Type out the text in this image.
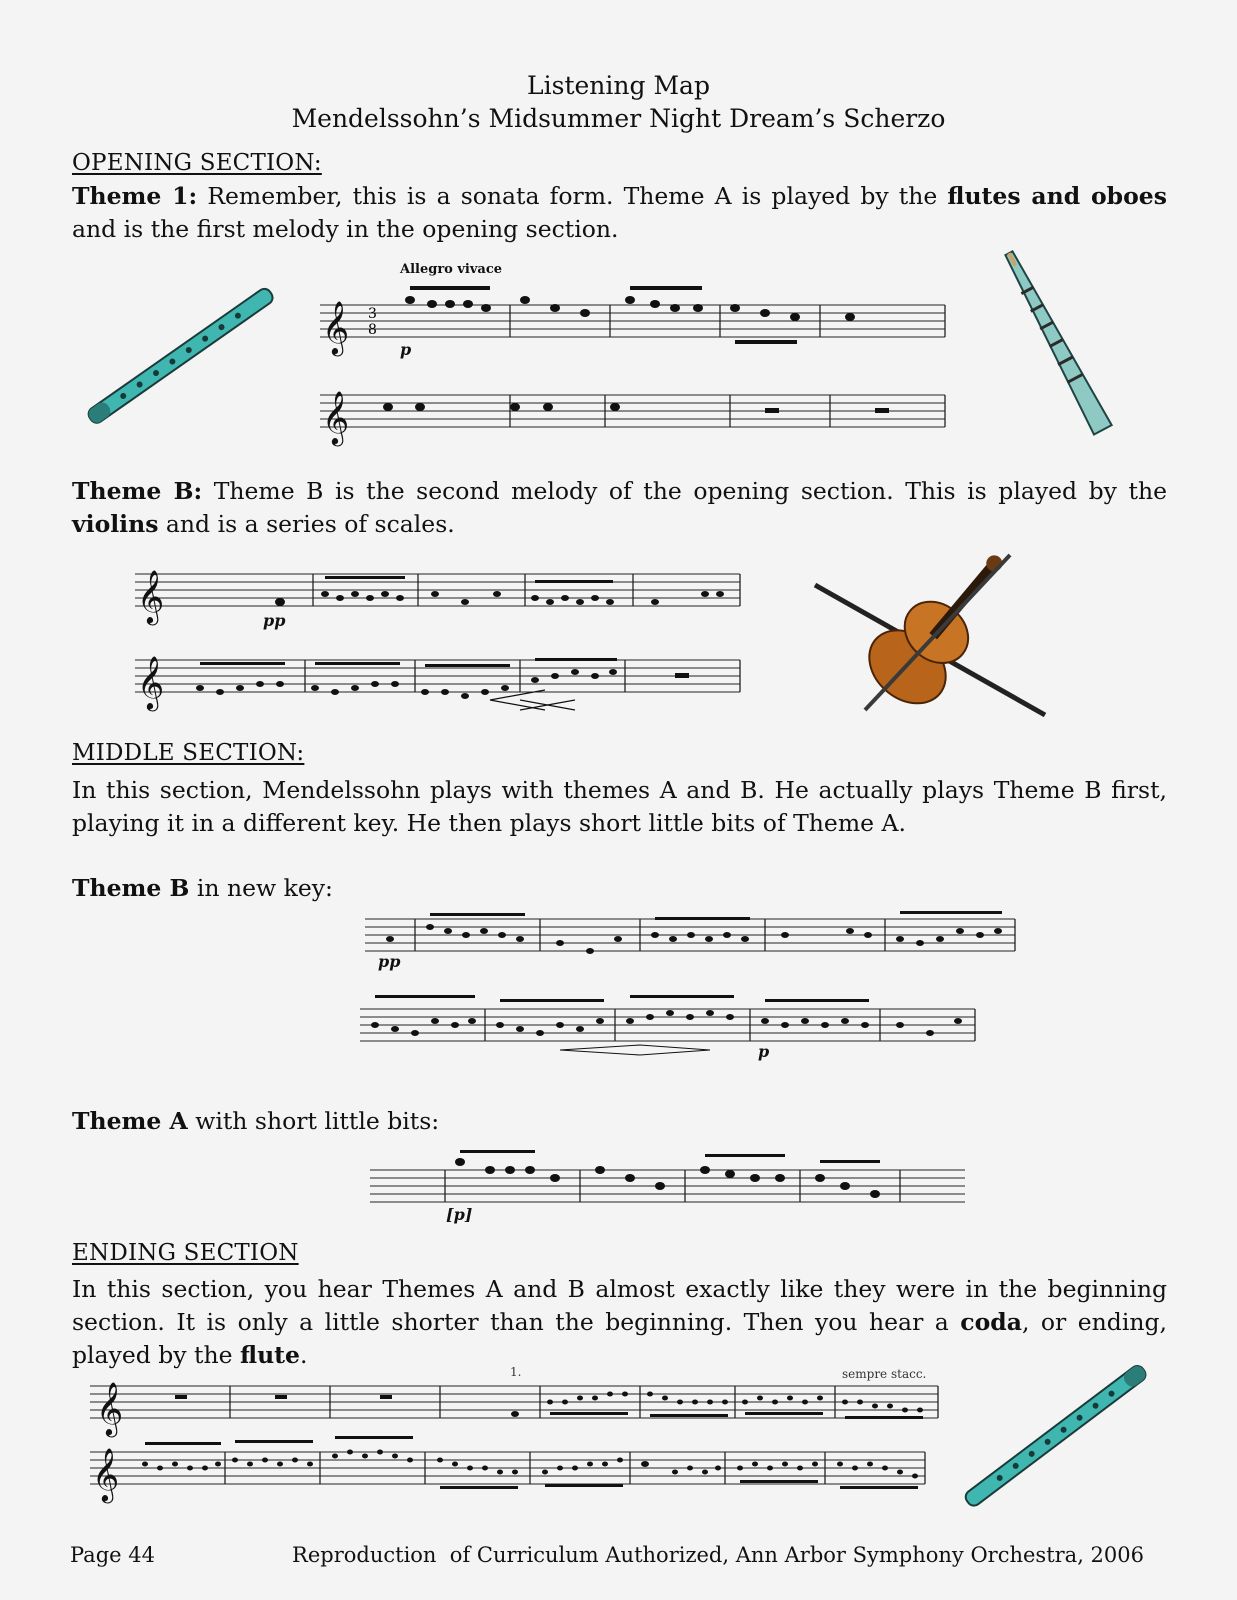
Listening Map
Mendelssohn’s Midsummer Night Dream’s Scherzo
OPENING SECTION:
Theme 1: Remember, this is a sonata form. Theme A is played by the flutes and oboes and is the first melody in the opening section.
Allegro vivace
𝄞 3
8
p
𝄞
Theme B: Theme B is the second melody of the opening section. This is played by the violins and is a series of scales.
𝄞	pp
𝄞
MIDDLE SECTION:
In this section, Mendelssohn plays with themes A and B. He actually plays Theme B first, playing it in a different key. He then plays short little bits of Theme A.
Theme B in new key:
pp
p
Theme A with short little bits:
[p]
ENDING SECTION
In this section, you hear Themes A and B almost exactly like they were in the beginning section. It is only a little shorter than the beginning. Then you hear a coda, or ending, played by the flute.
sempre stacc.
1.
𝄞
𝄞
Page 44	Reproduction  of Curriculum Authorized, Ann Arbor Symphony Orchestra, 2006
